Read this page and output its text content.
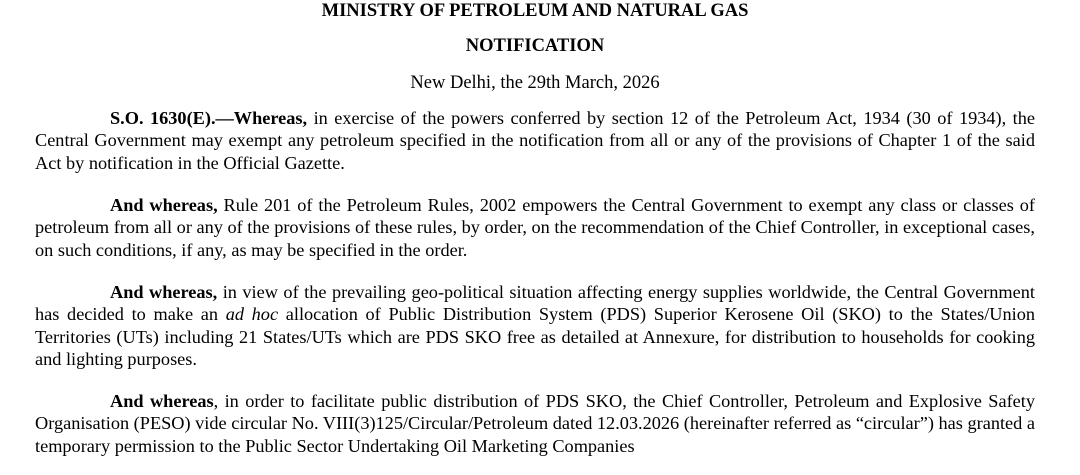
MINISTRY OF PETROLEUM AND NATURAL GAS
NOTIFICATION
New Delhi, the 29th March, 2026

S.O. 1630(E).—Whereas, in exercise of the powers conferred by section 12 of the Petroleum Act, 1934 (30 of 1934), the Central Government may exempt any petroleum specified in the notification from all or any of the provisions of Chapter 1 of the said Act by notification in the Official Gazette.

And whereas, Rule 201 of the Petroleum Rules, 2002 empowers the Central Government to exempt any class or classes of petroleum from all or any of the provisions of these rules, by order, on the recommendation of the Chief Controller, in exceptional cases, on such conditions, if any, as may be specified in the order.

And whereas, in view of the prevailing geo-political situation affecting energy supplies worldwide, the Central Government has decided to make an ad hoc allocation of Public Distribution System (PDS) Superior Kerosene Oil (SKO) to the States/Union Territories (UTs) including 21 States/UTs which are PDS SKO free as detailed at Annexure, for distribution to households for cooking and lighting purposes.

And whereas, in order to facilitate public distribution of PDS SKO, the Chief Controller, Petroleum and Explosive Safety Organisation (PESO) vide circular No. VIII(3)125/Circular/Petroleum dated 12.03.2026 (hereinafter referred as “circular”) has granted a temporary permission to the Public Sector Undertaking Oil Marketing Companies
